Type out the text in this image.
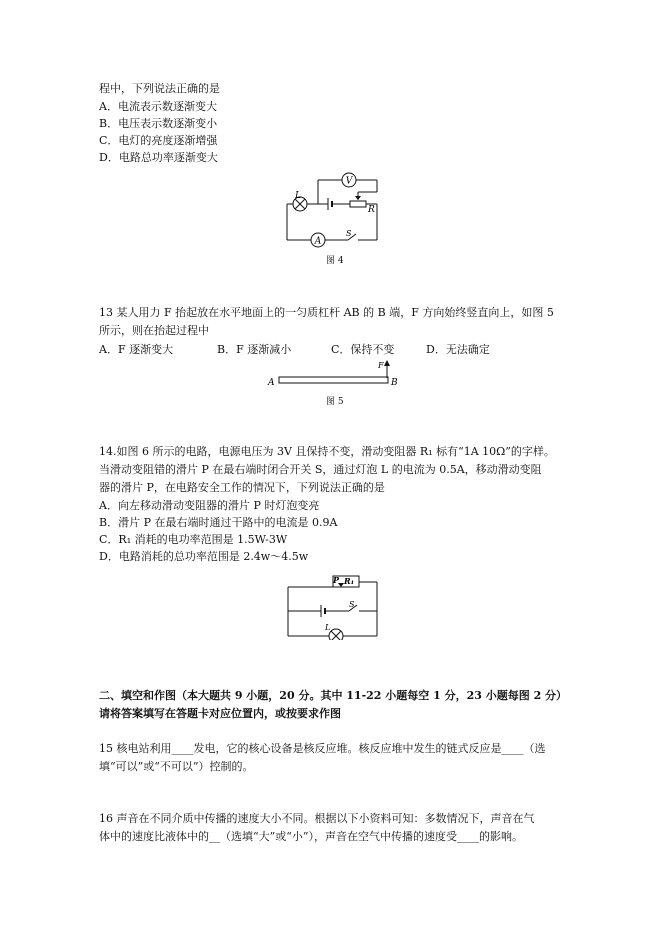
程中，下列说法正确的是
A．电流表示数逐渐变大
B．电压表示数逐渐变小
C．电灯的亮度逐渐增强
D．电路总功率逐渐变大
V
L
R
A
S
图 4
13 某人用力 F 抬起放在水平地面上的一匀质杠杆 AB 的 B 端，F 方向始终竖直向上，如图 5
所示，则在抬起过程中
A．F 逐渐变大	B．F 逐渐减小	C．保持不变	D．无法确定
A	B
F
图 5
14.如图 6 所示的电路，电源电压为 3V 且保持不变，滑动变阻器 R₁ 标有“1A 10Ω”的字样。
当滑动变阻错的滑片 P 在最右端时闭合开关 S，通过灯泡 L 的电流为 0.5A，移动滑动变阻
器的滑片 P，在电路安全工作的情况下，下列说法正确的是
A．向左移动滑动变阻器的滑片 P 时灯泡变亮
B．滑片 P 在最右端时通过干路中的电流是 0.9A
C．R₁ 消耗的电功率范围是 1.5W-3W
D．电路消耗的总功率范围是 2.4w～4.5w
P R₁
S
L
二、填空和作图（本大题共 9 小题，20 分。其中 11-22 小题每空 1 分，23 小题每图 2 分）
请将答案填写在答题卡对应位置内，或按要求作图
15 核电站利用____发电，它的核心设备是核反应堆。核反应堆中发生的链式反应是____（选
填“可以”或“不可以”）控制的。
16 声音在不同介质中传播的速度大小不同。根据以下小资料可知：多数情况下，声音在气
体中的速度比液体中的__（选填“大”或“小”），声音在空气中传播的速度受____的影响。
